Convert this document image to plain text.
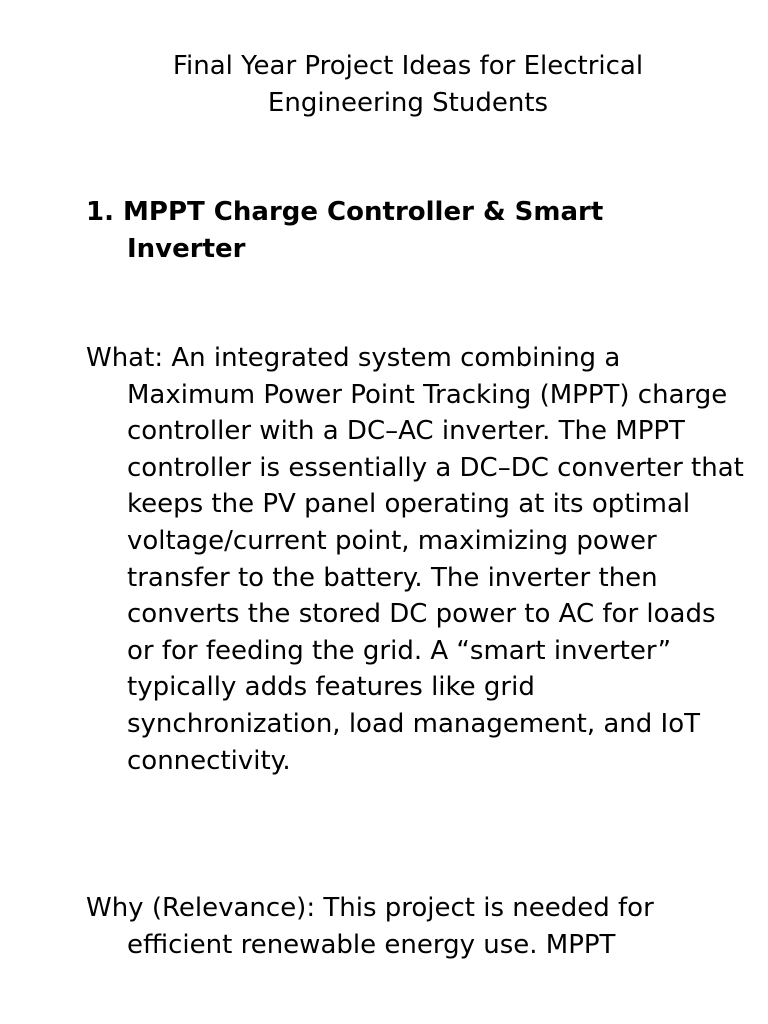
Final Year Project Ideas for Electrical
Engineering Students
1. MPPT Charge Controller & Smart Inverter

What: An integrated system combining a Maximum Power Point Tracking (MPPT) charge controller with a DC–AC inverter. The MPPT controller is essentially a DC–DC converter that keeps the PV panel operating at its optimal voltage/current point, maximizing power transfer to the battery. The inverter then converts the stored DC power to AC for loads or for feeding the grid. A “smart inverter” typically adds features like grid synchronization, load management, and IoT connectivity.

Why (Relevance): This project is needed for efficient renewable energy use. MPPT
